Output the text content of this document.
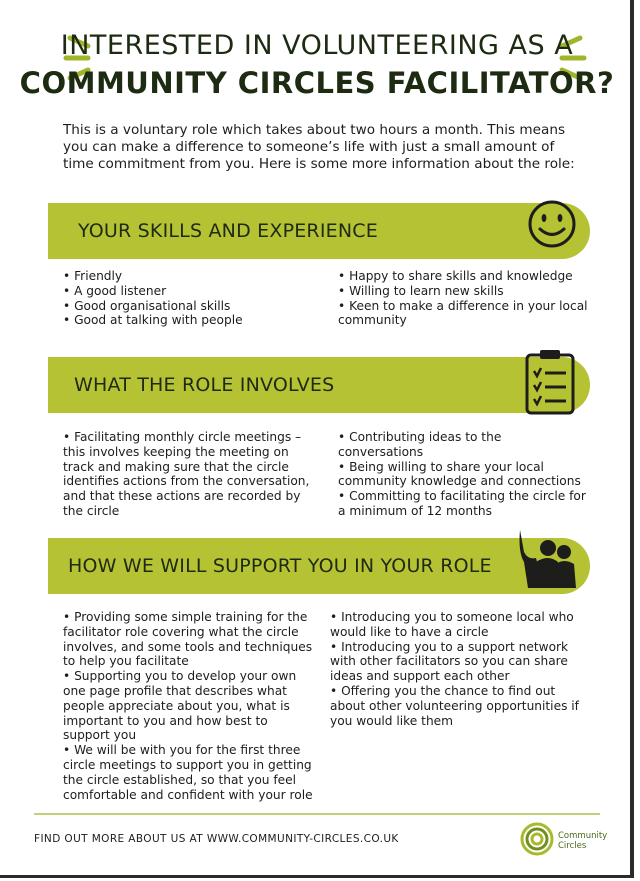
INTERESTED IN VOLUNTEERING AS A
COMMUNITY CIRCLES FACILITATOR?

This is a voluntary role which takes about two hours a month. This means you can make a difference to someone’s life with just a small amount of time commitment from you. Here is some more information about the role:

YOUR SKILLS AND EXPERIENCE
• Friendly
• A good listener
• Good organisational skills
• Good at talking with people
• Happy to share skills and knowledge
• Willing to learn new skills
• Keen to make a difference in your local community
WHAT THE ROLE INVOLVES
• Facilitating monthly circle meetings – this involves keeping the meeting on track and making sure that the circle identifies actions from the conversation, and that these actions are recorded by the circle
• Contributing ideas to the conversations
• Being willing to share your local community knowledge and connections
• Committing to facilitating the circle for a minimum of 12 months
HOW WE WILL SUPPORT YOU IN YOUR ROLE
• Providing some simple training for the facilitator role covering what the circle involves, and some tools and techniques to help you facilitate
• Supporting you to develop your own one page profile that describes what people appreciate about you, what is important to you and how best to support you
• We will be with you for the first three circle meetings to support you in getting the circle established, so that you feel comfortable and confident with your role
• Introducing you to someone local who would like to have a circle
• Introducing you to a support network with other facilitators so you can share ideas and support each other
• Offering you the chance to find out about other volunteering opportunities if you would like them
FIND OUT MORE ABOUT US AT WWW.COMMUNITY-CIRCLES.CO.UK	Community
Circles
